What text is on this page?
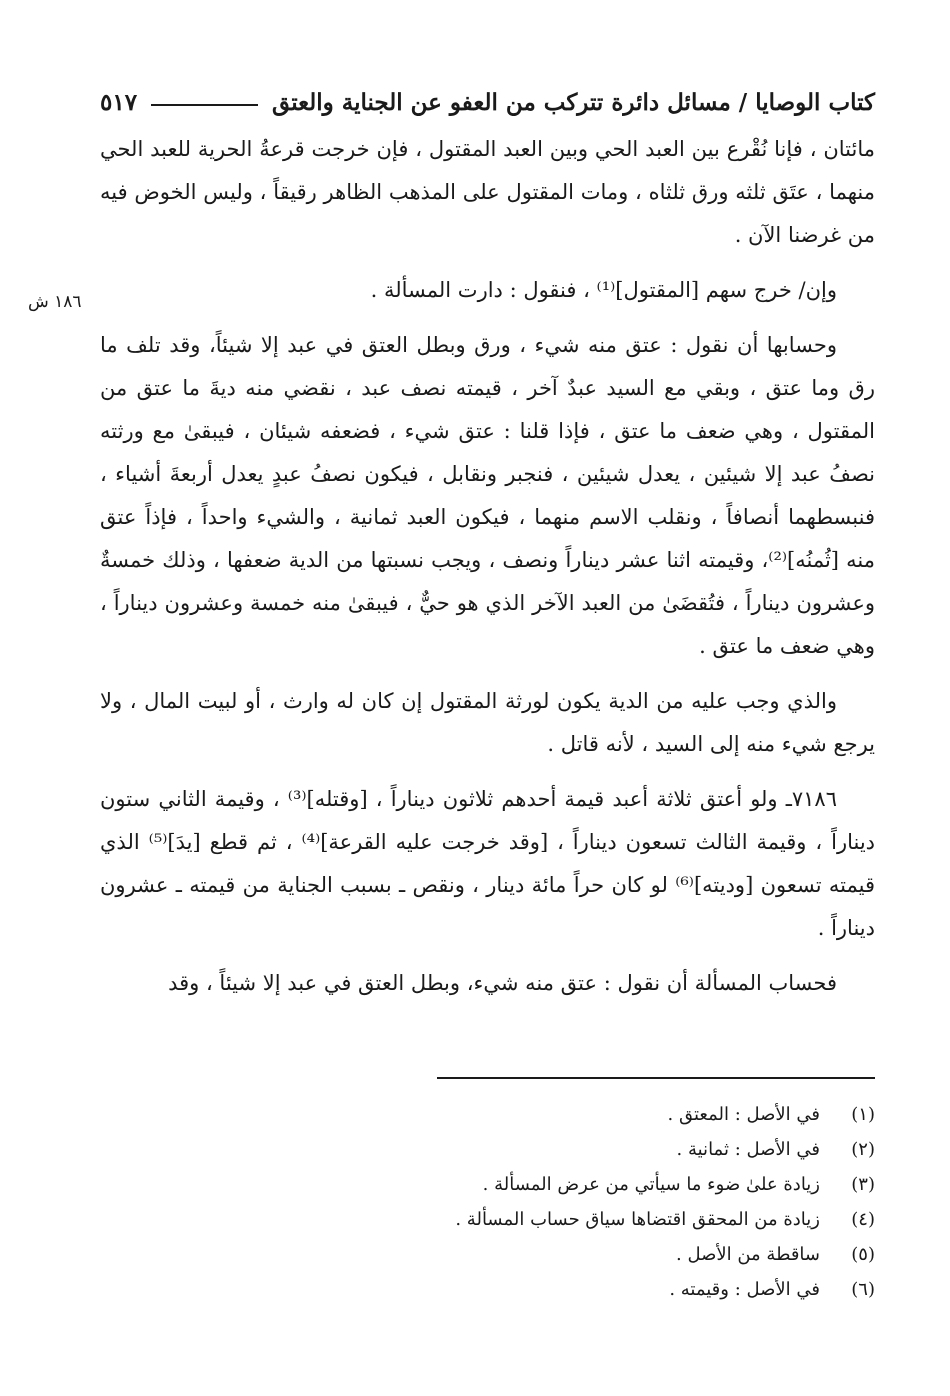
كتاب الوصايا / مسائل دائرة تتركب من العفو عن الجناية والعتق
٥١٧
١٨٦ ش

مائتان ، فإنا نُقْرع بين العبد الحي وبين العبد المقتول ، فإن خرجت قرعةُ الحرية للعبد الحي منهما ، عتَق ثلثه ورق ثلثاه ، ومات المقتول على المذهب الظاهر رقيقاً ، وليس الخوض فيه من غرضنا الآن .

وإن/ خرج سهم [المقتول]⁽¹⁾ ، فنقول : دارت المسألة .

وحسابها أن نقول : عتق منه شيء ، ورق وبطل العتق في عبد إلا شيئاً، وقد تلف ما رق وما عتق ، وبقي مع السيد عبدٌ آخر ، قيمته نصف عبد ، نقضي منه ديةَ ما عتق من المقتول ، وهي ضعف ما عتق ، فإذا قلنا : عتق شيء ، فضعفه شيئان ، فيبقىٰ مع ورثته نصفُ عبد إلا شيئين ، يعدل شيئين ، فنجبر ونقابل ، فيكون نصفُ عبدٍ يعدل أربعةَ أشياء ، فنبسطهما أنصافاً ، ونقلب الاسم منهما ، فيكون العبد ثمانية ، والشيء واحداً ، فإذاً عتق منه [ثُمنُه]⁽²⁾، وقيمته اثنا عشر ديناراً ونصف ، ويجب نسبتها من الدية ضعفها ، وذلك خمسةٌ وعشرون ديناراً ، فتُقضَىٰ من العبد الآخر الذي هو حيٌّ ، فيبقىٰ منه خمسة وعشرون ديناراً ، وهي ضعف ما عتق .

والذي وجب عليه من الدية يكون لورثة المقتول إن كان له وارث ، أو لبيت المال ، ولا يرجع شيء منه إلى السيد ، لأنه قاتل .

٧١٨٦ـ ولو أعتق ثلاثة أعبد قيمة أحدهم ثلاثون ديناراً ، [وقتله]⁽³⁾ ، وقيمة الثاني ستون ديناراً ، وقيمة الثالث تسعون ديناراً ، [وقد خرجت عليه القرعة]⁽⁴⁾ ، ثم قطع [يدَ]⁽⁵⁾ الذي قيمته تسعون [وديته]⁽⁶⁾ لو كان حراً مائة دينار ، ونقص ـ بسبب الجناية من قيمته ـ عشرون ديناراً .

فحساب المسألة أن نقول : عتق منه شيء، وبطل العتق في عبد إلا شيئاً ، وقد

(١)
في الأصل : المعتق .
(٢)
في الأصل : ثمانية .
(٣)
زيادة علىٰ ضوء ما سيأتي من عرض المسألة .
(٤)
زيادة من المحقق اقتضاها سياق حساب المسألة .
(٥)
ساقطة من الأصل .
(٦)
في الأصل : وقيمته .
